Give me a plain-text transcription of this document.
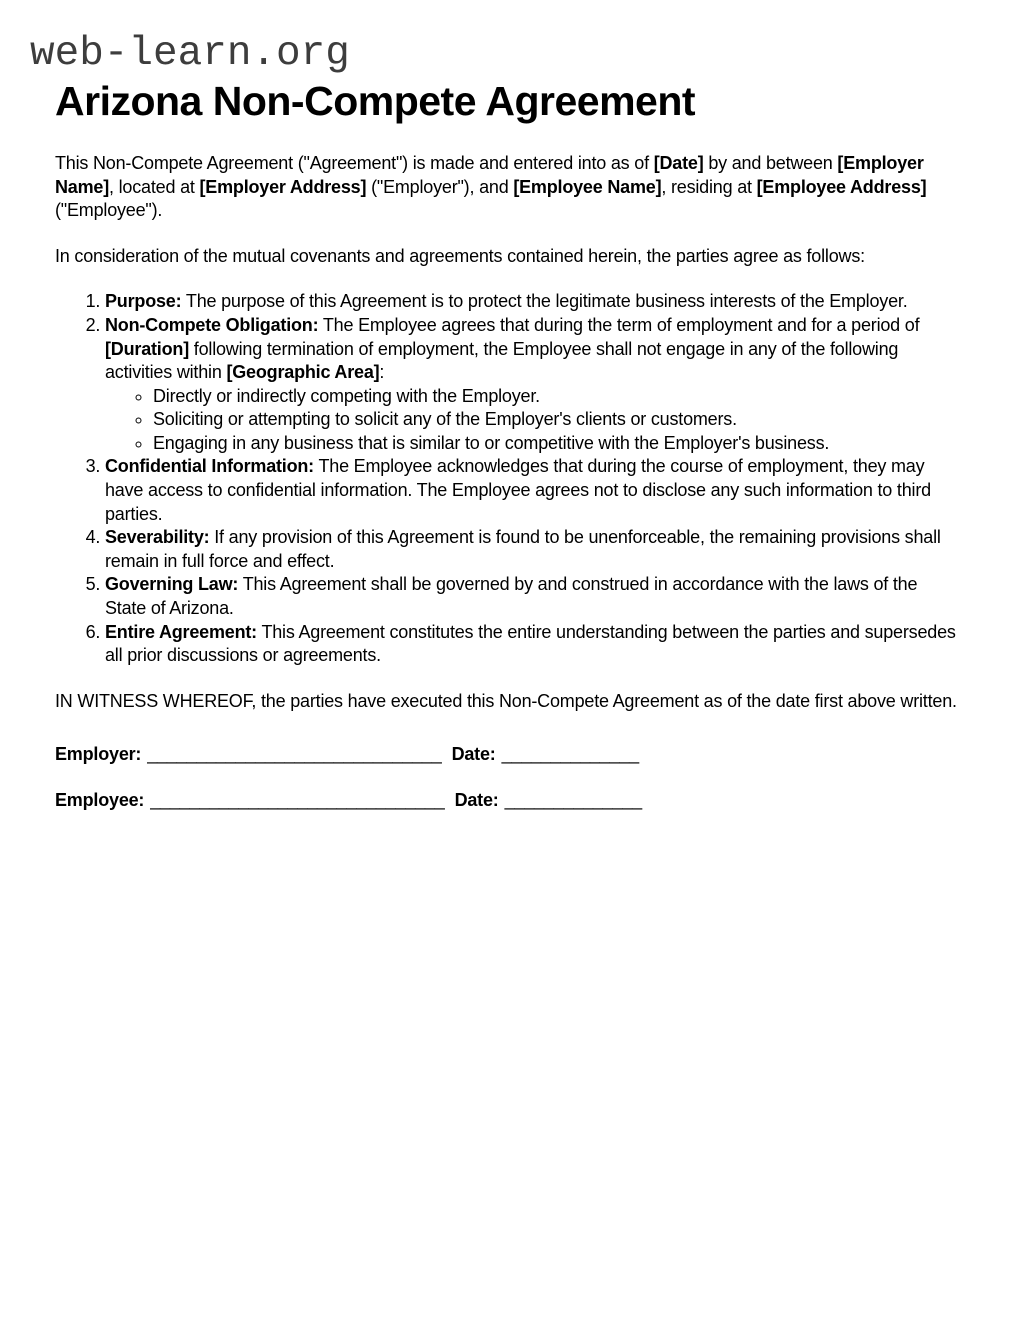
web-learn.org
Arizona Non-Compete Agreement

This Non-Compete Agreement ("Agreement") is made and entered into as of [Date] by and between [Employer Name], located at [Employer Address] ("Employer"), and [Employee Name], residing at [Employee Address] ("Employee").

In consideration of the mutual covenants and agreements contained herein, the parties agree as follows:

1. Purpose: The purpose of this Agreement is to protect the legitimate business interests of the Employer.
2. Non-Compete Obligation: The Employee agrees that during the term of employment and for a period of [Duration] following termination of employment, the Employee shall not engage in any of the following activities within [Geographic Area]:
◦ Directly or indirectly competing with the Employer.
◦ Soliciting or attempting to solicit any of the Employer's clients or customers.
◦ Engaging in any business that is similar to or competitive with the Employer's business.
3. Confidential Information: The Employee acknowledges that during the course of employment, they may have access to confidential information. The Employee agrees not to disclose any such information to third parties.
4. Severability: If any provision of this Agreement is found to be unenforceable, the remaining provisions shall remain in full force and effect.
5. Governing Law: This Agreement shall be governed by and construed in accordance with the laws of the State of Arizona.
6. Entire Agreement: This Agreement constitutes the entire understanding between the parties and supersedes all prior discussions or agreements.

IN WITNESS WHEREOF, the parties have executed this Non-Compete Agreement as of the date first above written.

Employer: ______________________________ Date: ______________
Employee: ______________________________ Date: ______________
